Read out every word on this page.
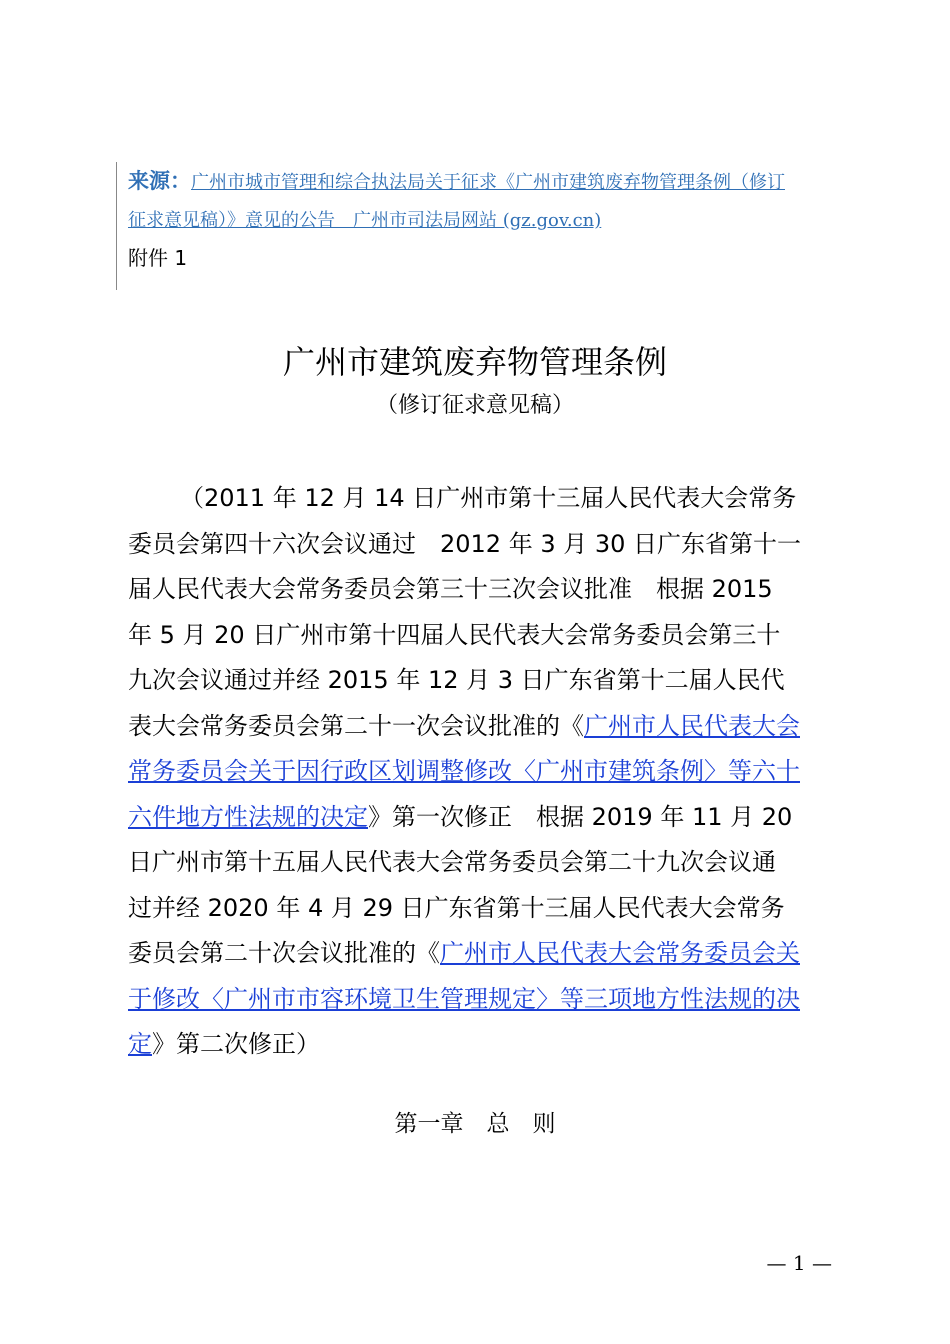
来源：广州市城市管理和综合执法局关于征求《广州市建筑废弃物管理条例（修订
征求意见稿）》意见的公告　广州市司法局网站 (gz.gov.cn)
附件 1
广州市建筑废弃物管理条例
（修订征求意见稿）
（2011 年 12 月 14 日广州市第十三届人民代表大会常务
委员会第四十六次会议通过　2012 年 3 月 30 日广东省第十一
届人民代表大会常务委员会第三十三次会议批准　根据 2015
年 5 月 20 日广州市第十四届人民代表大会常务委员会第三十
九次会议通过并经 2015 年 12 月 3 日广东省第十二届人民代
表大会常务委员会第二十一次会议批准的《广州市人民代表大会
常务委员会关于因行政区划调整修改〈广州市建筑条例〉等六十
六件地方性法规的决定》第一次修正　根据 2019 年 11 月 20
日广州市第十五届人民代表大会常务委员会第二十九次会议通
过并经 2020 年 4 月 29 日广东省第十三届人民代表大会常务
委员会第二十次会议批准的《广州市人民代表大会常务委员会关
于修改〈广州市市容环境卫生管理规定〉等三项地方性法规的决
定》第二次修正）
第一章　总　则
— 1 —
